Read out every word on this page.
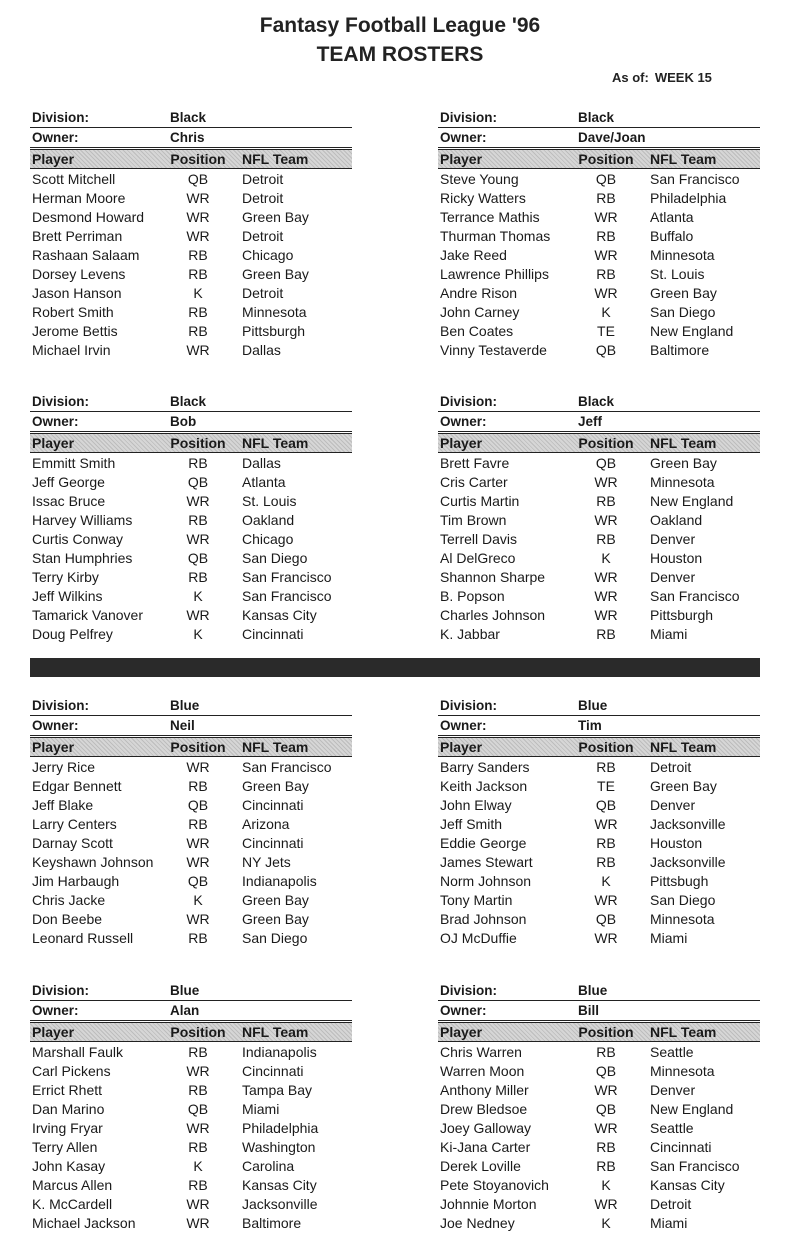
Fantasy Football League '96
TEAM ROSTERS
As of: WEEK 15
Division:	Black
Owner:	Chris
Player	Position NFL Team
Scott Mitchell	QB	Detroit
Herman Moore	WR	Detroit
Desmond Howard	WR	Green Bay
Brett Perriman	WR	Detroit
Rashaan Salaam	RB	Chicago
Dorsey Levens	RB	Green Bay
Jason Hanson	K	Detroit
Robert Smith	RB	Minnesota
Jerome Bettis	RB	Pittsburgh
Michael Irvin	WR	Dallas
Division:	Black
Owner:	Dave/Joan
Player	Position NFL Team
Steve Young	QB	San Francisco
Ricky Watters	RB	Philadelphia
Terrance Mathis	WR	Atlanta
Thurman Thomas	RB	Buffalo
Jake Reed	WR	Minnesota
Lawrence Phillips	RB	St. Louis
Andre Rison	WR	Green Bay
John Carney	K	San Diego
Ben Coates	TE	New England
Vinny Testaverde	QB	Baltimore
Division:	Black
Owner:	Bob
Player	Position NFL Team
Emmitt Smith	RB	Dallas
Jeff George	QB	Atlanta
Issac Bruce	WR	St. Louis
Harvey Williams	RB	Oakland
Curtis Conway	WR	Chicago
Stan Humphries	QB	San Diego
Terry Kirby	RB	San Francisco
Jeff Wilkins	K	San Francisco
Tamarick Vanover	WR	Kansas City
Doug Pelfrey	K	Cincinnati
Division:	Black
Owner:	Jeff
Player	Position NFL Team
Brett Favre	QB	Green Bay
Cris Carter	WR	Minnesota
Curtis Martin	RB	New England
Tim Brown	WR	Oakland
Terrell Davis	RB	Denver
Al DelGreco	K	Houston
Shannon Sharpe	WR	Denver
B. Popson	WR	San Francisco
Charles Johnson	WR	Pittsburgh
K. Jabbar	RB	Miami
Division:	Blue
Owner:	Neil
Player	Position NFL Team
Jerry Rice	WR	San Francisco
Edgar Bennett	RB	Green Bay
Jeff Blake	QB	Cincinnati
Larry Centers	RB	Arizona
Darnay Scott	WR	Cincinnati
Keyshawn Johnson	WR	NY Jets
Jim Harbaugh	QB	Indianapolis
Chris Jacke	K	Green Bay
Don Beebe	WR	Green Bay
Leonard Russell	RB	San Diego
Division:	Blue
Owner:	Tim
Player	Position NFL Team
Barry Sanders	RB	Detroit
Keith Jackson	TE	Green Bay
John Elway	QB	Denver
Jeff Smith	WR	Jacksonville
Eddie George	RB	Houston
James Stewart	RB	Jacksonville
Norm Johnson	K	Pittsbugh
Tony Martin	WR	San Diego
Brad Johnson	QB	Minnesota
OJ McDuffie	WR	Miami
Division:	Blue
Owner:	Alan
Player	Position NFL Team
Marshall Faulk	RB	Indianapolis
Carl Pickens	WR	Cincinnati
Errict Rhett	RB	Tampa Bay
Dan Marino	QB	Miami
Irving Fryar	WR	Philadelphia
Terry Allen	RB	Washington
John Kasay	K	Carolina
Marcus Allen	RB	Kansas City
K. McCardell	WR	Jacksonville
Michael Jackson	WR	Baltimore
Division:	Blue
Owner:	Bill
Player	Position NFL Team
Chris Warren	RB	Seattle
Warren Moon	QB	Minnesota
Anthony Miller	WR	Denver
Drew Bledsoe	QB	New England
Joey Galloway	WR	Seattle
Ki-Jana Carter	RB	Cincinnati
Derek Loville	RB	San Francisco
Pete Stoyanovich	K	Kansas City
Johnnie Morton	WR	Detroit
Joe Nedney	K	Miami
